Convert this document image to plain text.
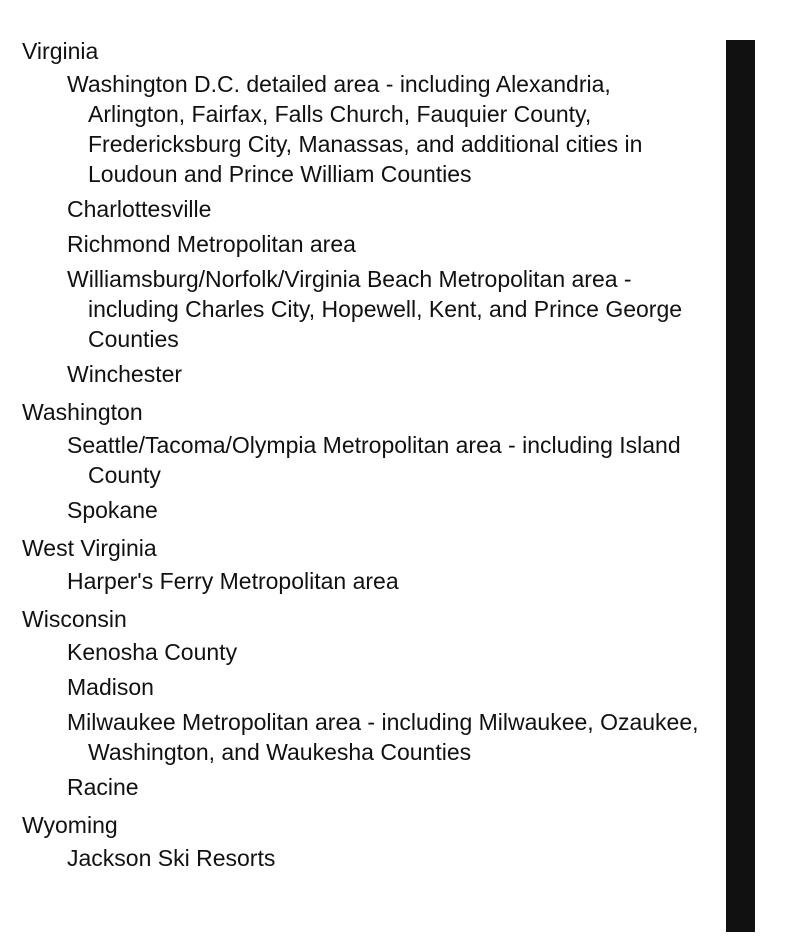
Virginia

Washington D.C. detailed area - including Alexandria, Arlington, Fairfax, Falls Church, Fauquier County, Fredericksburg City, Manassas, and additional cities in Loudoun and Prince William Counties
Charlottesville
Richmond Metropolitan area
Williamsburg/Norfolk/Virginia Beach Metropolitan area - including Charles City, Hopewell, Kent, and Prince George Counties
Winchester

Washington

Seattle/Tacoma/Olympia Metropolitan area - including Island County
Spokane

West Virginia

Harper's Ferry Metropolitan area

Wisconsin

Kenosha County
Madison
Milwaukee Metropolitan area - including Milwaukee, Ozaukee, Washington, and Waukesha Counties
Racine

Wyoming

Jackson Ski Resorts
